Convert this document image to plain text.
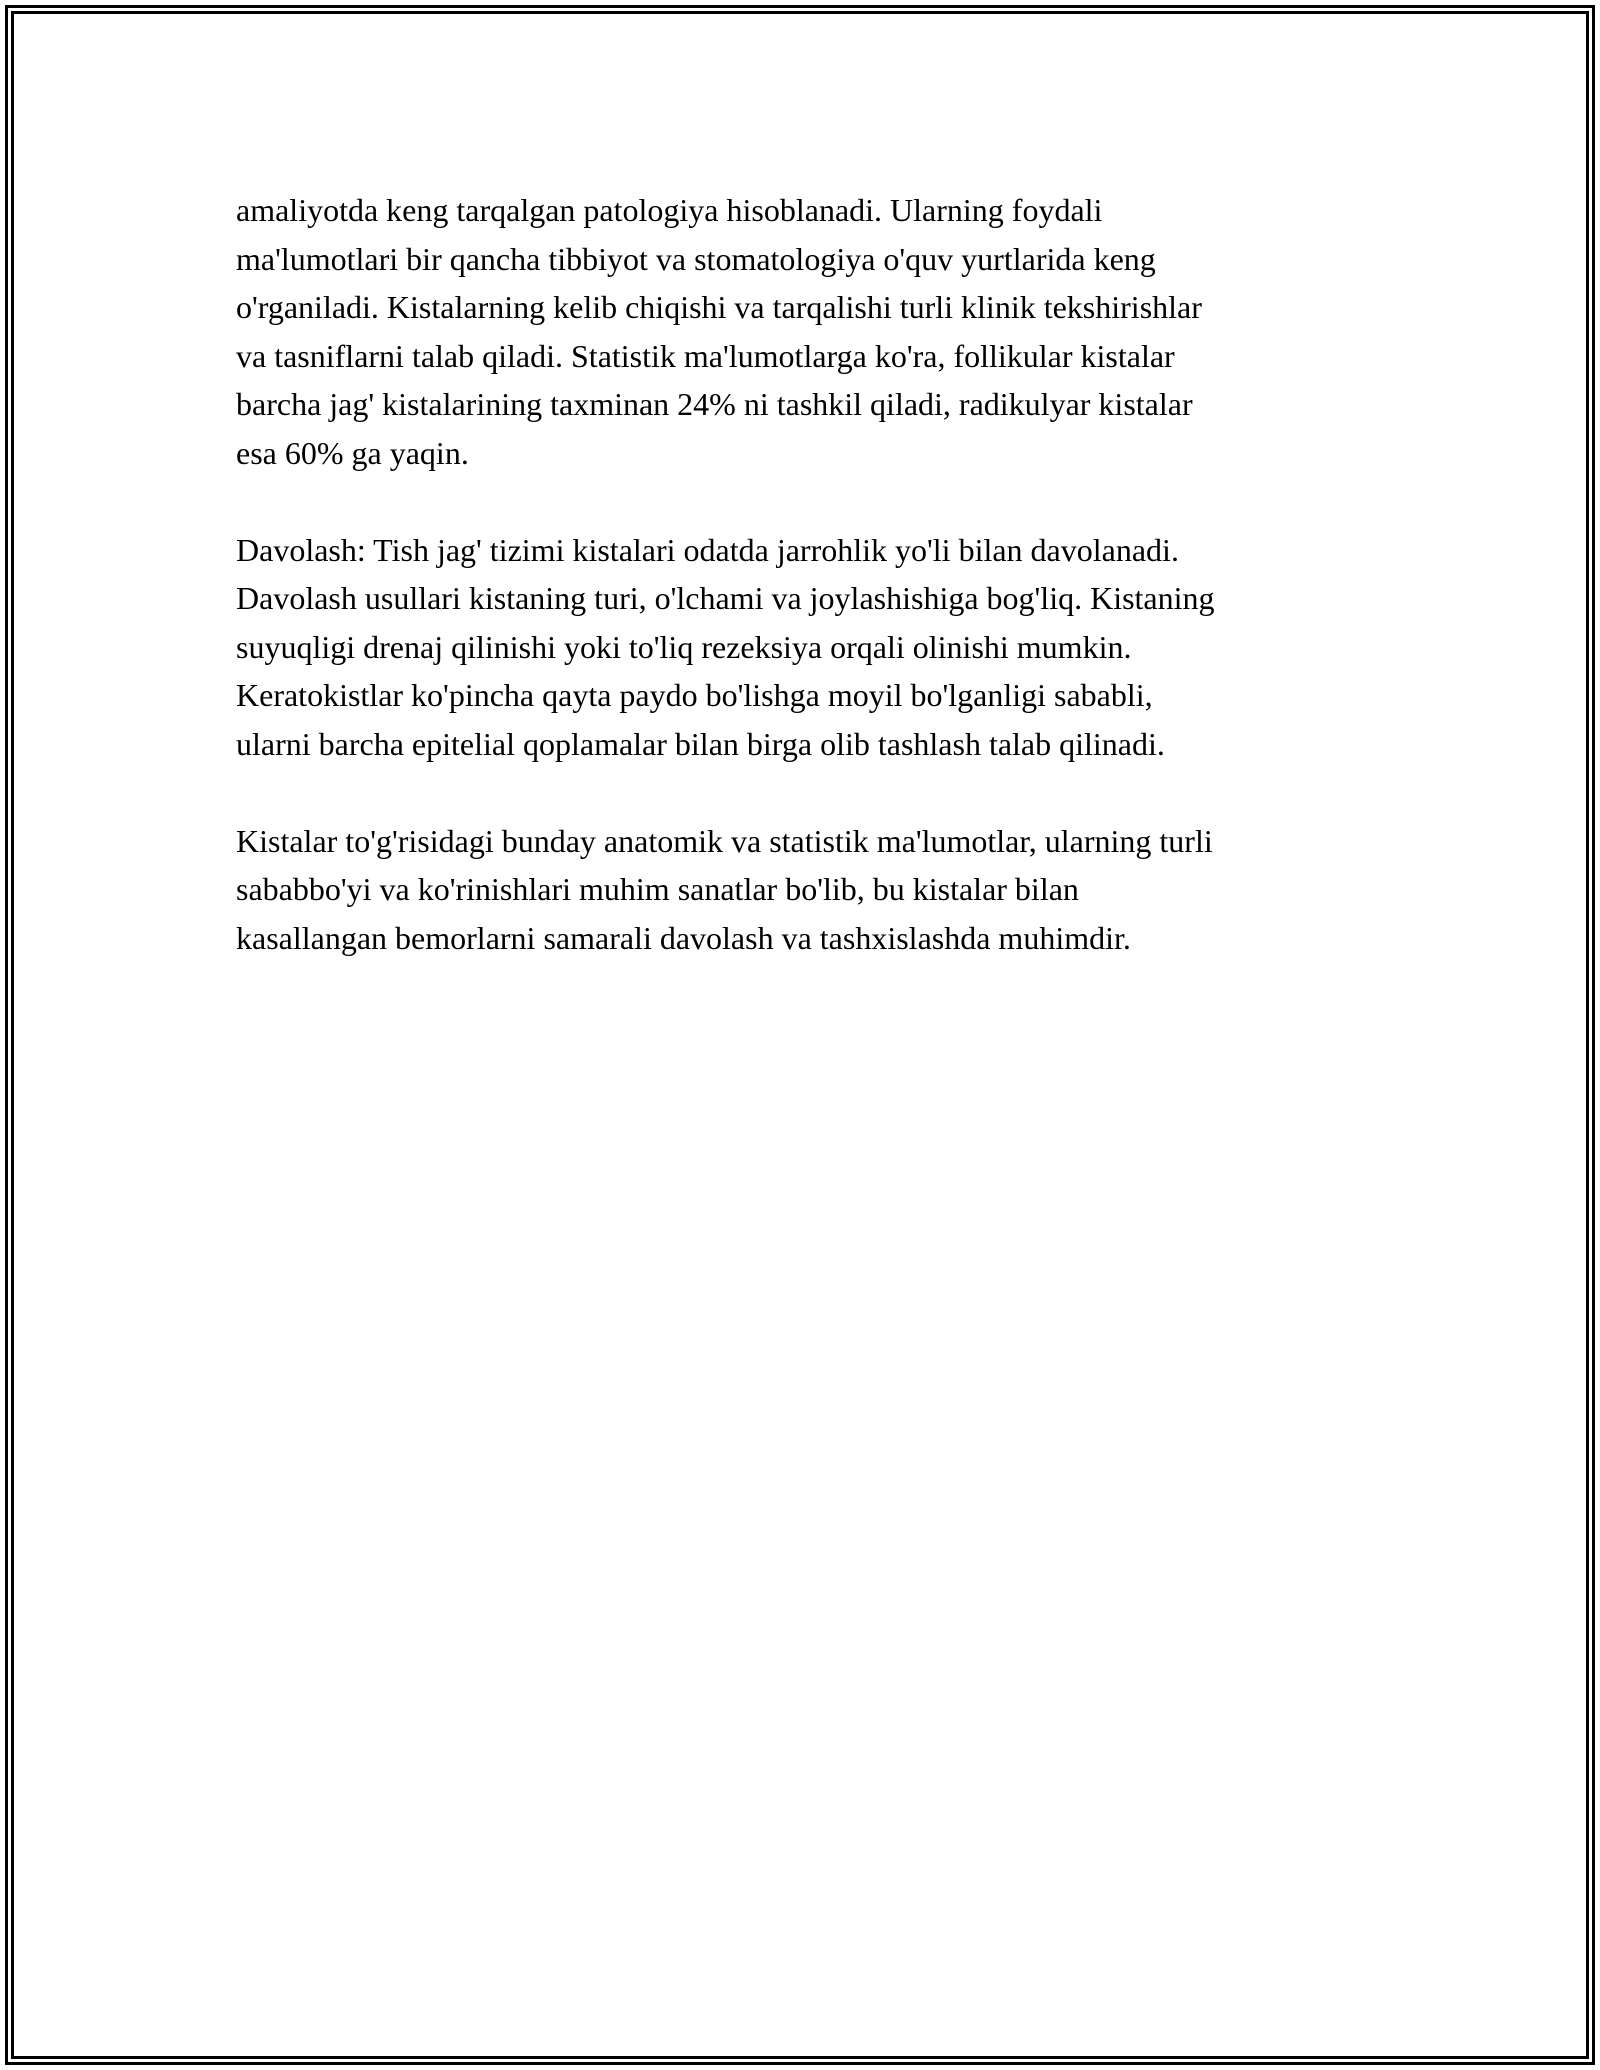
amaliyotda keng tarqalgan patologiya hisoblanadi. Ularning foydali
ma'lumotlari bir qancha tibbiyot va stomatologiya o'quv yurtlarida keng
o'rganiladi. Kistalarning kelib chiqishi va tarqalishi turli klinik tekshirishlar
va tasniflarni talab qiladi. Statistik ma'lumotlarga ko'ra, follikular kistalar
barcha jag' kistalarining taxminan 24% ni tashkil qiladi, radikulyar kistalar
esa 60% ga yaqin.

Davolash: Tish jag' tizimi kistalari odatda jarrohlik yo'li bilan davolanadi.
Davolash usullari kistaning turi, o'lchami va joylashishiga bog'liq. Kistaning
suyuqligi drenaj qilinishi yoki to'liq rezeksiya orqali olinishi mumkin.
Keratokistlar ko'pincha qayta paydo bo'lishga moyil bo'lganligi sababli,
ularni barcha epitelial qoplamalar bilan birga olib tashlash talab qilinadi.

Kistalar to'g'risidagi bunday anatomik va statistik ma'lumotlar, ularning turli
sababbo'yi va ko'rinishlari muhim sanatlar bo'lib, bu kistalar bilan
kasallangan bemorlarni samarali davolash va tashxislashda muhimdir.
